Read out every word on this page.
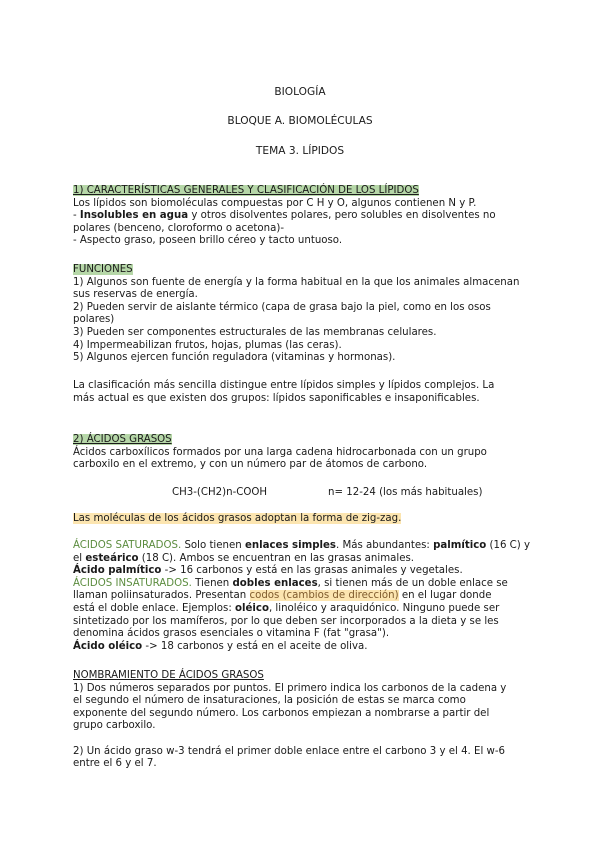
BIOLOGÍA
BLOQUE A. BIOMOLÉCULAS
TEMA 3. LÍPIDOS

1) CARACTERÍSTICAS GENERALES Y CLASIFICACIÓN DE LOS LÍPIDOS

Los lípidos son biomoléculas compuestas por C H y O, algunos contienen N y P.

- Insolubles en agua y otros disolventes polares, pero solubles en disolventes no

polares (benceno, cloroformo o acetona)-

- Aspecto graso, poseen brillo céreo y tacto untuoso.

FUNCIONES

1) Algunos son fuente de energía y la forma habitual en la que los animales almacenan

sus reservas de energía.

2) Pueden servir de aislante térmico (capa de grasa bajo la piel, como en los osos

polares)

3) Pueden ser componentes estructurales de las membranas celulares.

4) Impermeabilizan frutos, hojas, plumas (las ceras).

5) Algunos ejercen función reguladora (vitaminas y hormonas).

La clasificación más sencilla distingue entre lípidos simples y lípidos complejos. La

más actual es que existen dos grupos: lípidos saponificables e insaponificables.

2) ÁCIDOS GRASOS

Ácidos carboxílicos formados por una larga cadena hidrocarbonada con un grupo

carboxilo en el extremo, y con un número par de átomos de carbono.

CH3-(CH2)n-COOH	n= 12-24 (los más habituales)

Las moléculas de los ácidos grasos adoptan la forma de zig-zag.

ÁCIDOS SATURADOS. Solo tienen enlaces simples. Más abundantes: palmítico (16 C) y

el esteárico (18 C). Ambos se encuentran en las grasas animales.

Ácido palmítico -> 16 carbonos y está en las grasas animales y vegetales.

ÁCIDOS INSATURADOS. Tienen dobles enlaces, si tienen más de un doble enlace se

llaman poliinsaturados. Presentan codos (cambios de dirección) en el lugar donde

está el doble enlace. Ejemplos: oléico, linoléico y araquidónico. Ninguno puede ser

sintetizado por los mamíferos, por lo que deben ser incorporados a la dieta y se les

denomina ácidos grasos esenciales o vitamina F (fat "grasa").

Ácido oléico -> 18 carbonos y está en el aceite de oliva.

NOMBRAMIENTO DE ÁCIDOS GRASOS

1) Dos números separados por puntos. El primero indica los carbonos de la cadena y

el segundo el número de insaturaciones, la posición de estas se marca como

exponente del segundo número. Los carbonos empiezan a nombrarse a partir del

grupo carboxilo.

2) Un ácido graso w-3 tendrá el primer doble enlace entre el carbono 3 y el 4. El w-6

entre el 6 y el 7.
